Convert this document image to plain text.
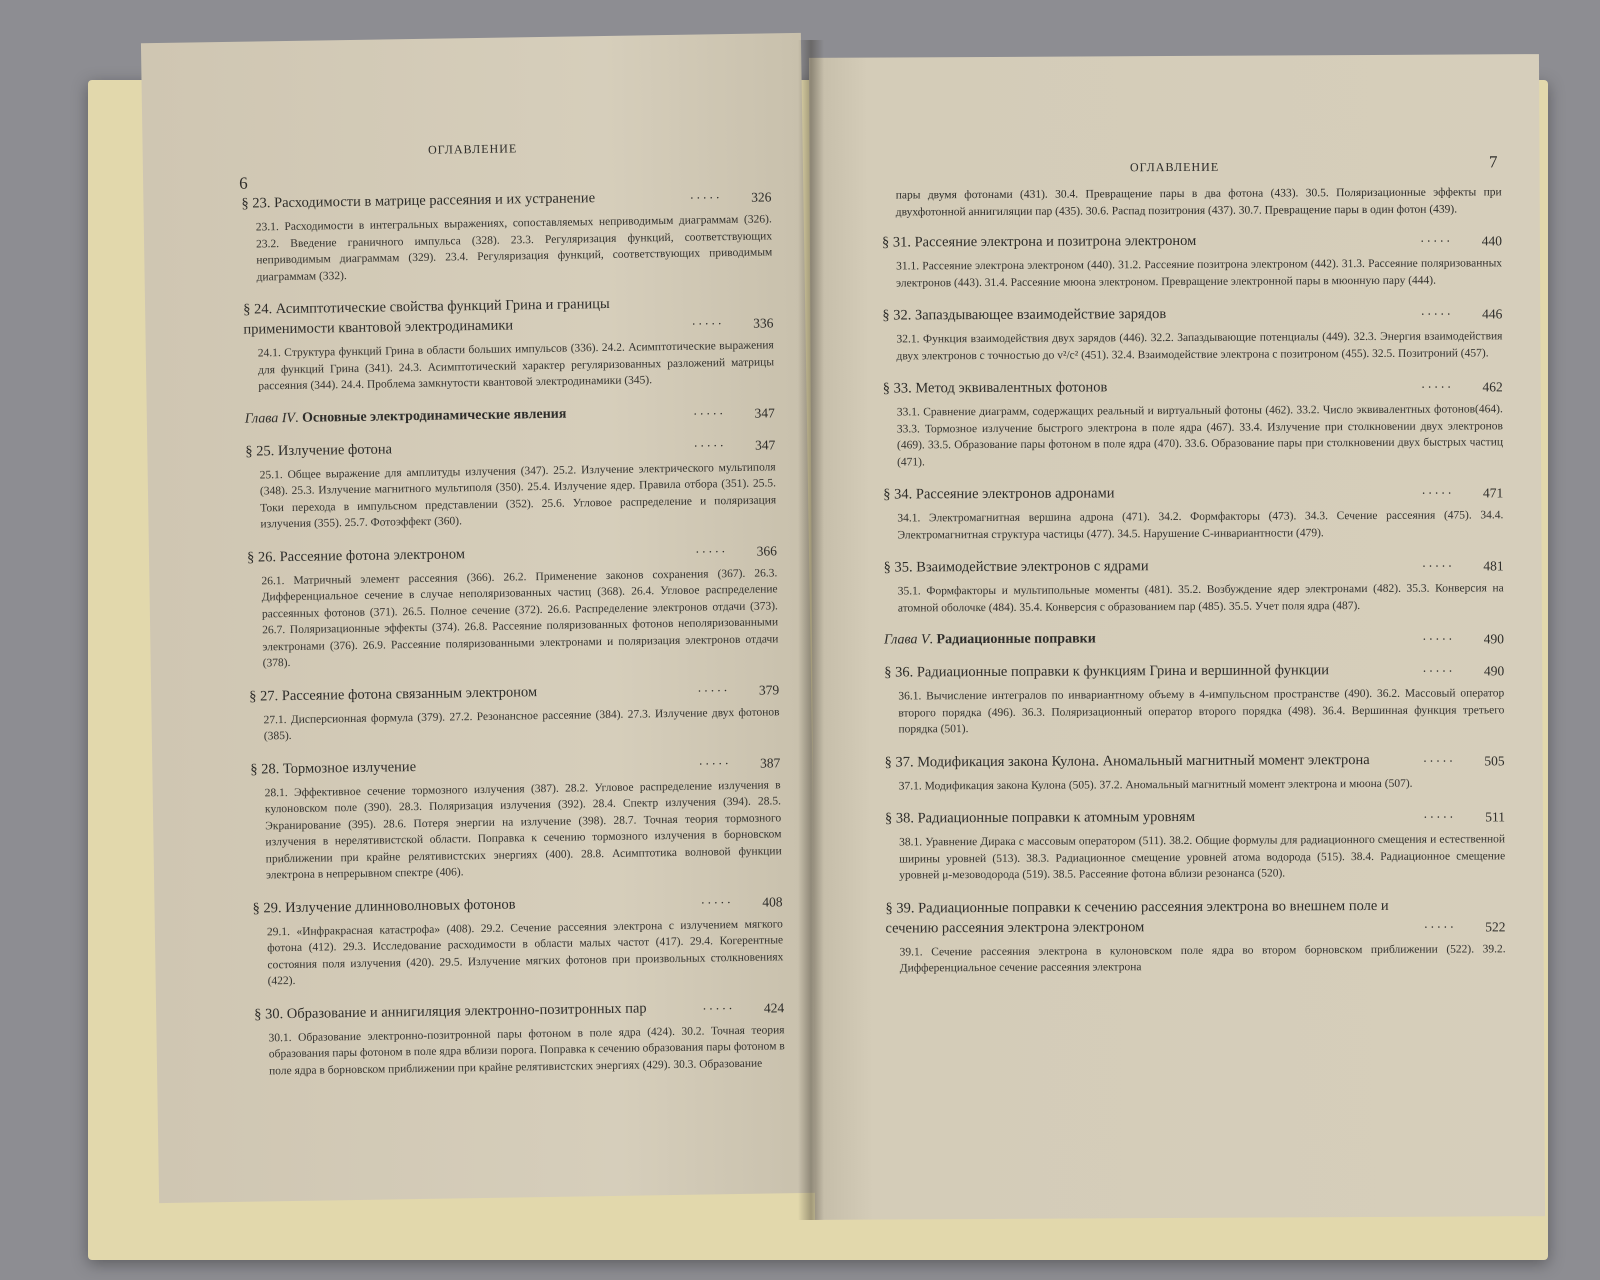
ОГЛАВЛЕНИЕ
6
§ 23. Расходимости в матрице рассеяния и их устранение	. . . . .	326
23.1. Расходимости в интегральных выражениях, сопоставляемых неприводимым диаграммам (326). 23.2. Введение граничного импульса (328). 23.3. Регуляризация функций, соответствующих неприводимым диаграммам (329). 23.4. Регуляризация функций, соответствующих приводимым диаграммам (332).
§ 24. Асимптотические свойства функций Грина и границы применимости квантовой электродинамики	. . . . .	336
24.1. Структура функций Грина в области больших импульсов (336). 24.2. Асимптотические выражения для функций Грина (341). 24.3. Асимптотический характер регуляризованных разложений матрицы рассеяния (344). 24.4. Проблема замкнутости квантовой электродинамики (345).
Глава IV. Основные электродинамические явления	. . . . .	347
§ 25. Излучение фотона	. . . . .	347
25.1. Общее выражение для амплитуды излучения (347). 25.2. Излучение электрического мультиполя (348). 25.3. Излучение магнитного мультиполя (350). 25.4. Излучение ядер. Правила отбора (351). 25.5. Токи перехода в импульсном представлении (352). 25.6. Угловое распределение и поляризация излучения (355). 25.7. Фотоэффект (360).
§ 26. Рассеяние фотона электроном	. . . . .	366
26.1. Матричный элемент рассеяния (366). 26.2. Применение законов сохранения (367). 26.3. Дифференциальное сечение в случае неполяризованных частиц (368). 26.4. Угловое распределение рассеянных фотонов (371). 26.5. Полное сечение (372). 26.6. Распределение электронов отдачи (373). 26.7. Поляризационные эффекты (374). 26.8. Рассеяние поляризованных фотонов неполяризованными электронами (376). 26.9. Рассеяние поляризованными электронами и поляризация электронов отдачи (378).
§ 27. Рассеяние фотона связанным электроном	. . . . .	379
27.1. Дисперсионная формула (379). 27.2. Резонансное рассеяние (384). 27.3. Излучение двух фотонов (385).
§ 28. Тормозное излучение	. . . . .	387
28.1. Эффективное сечение тормозного излучения (387). 28.2. Угловое распределение излучения в кулоновском поле (390). 28.3. Поляризация излучения (392). 28.4. Спектр излучения (394). 28.5. Экранирование (395). 28.6. Потеря энергии на излучение (398). 28.7. Точная теория тормозного излучения в нерелятивистской области. Поправка к сечению тормозного излучения в борновском приближении при крайне релятивистских энергиях (400). 28.8. Асимптотика волновой функции электрона в непрерывном спектре (406).
§ 29. Излучение длинноволновых фотонов	. . . . .	408
29.1. «Инфракрасная катастрофа» (408). 29.2. Сечение рассеяния электрона с излучением мягкого фотона (412). 29.3. Исследование расходимости в области малых частот (417). 29.4. Когерентные состояния поля излучения (420). 29.5. Излучение мягких фотонов при произвольных столкновениях (422).
§ 30. Образование и аннигиляция электронно-позитронных пар	. . . . .	424
30.1. Образование электронно-позитронной пары фотоном в поле ядра (424). 30.2. Точная теория образования пары фотоном в поле ядра вблизи порога. Поправка к сечению образования пары фотоном в поле ядра в борновском приближении при крайне релятивистских энергиях (429). 30.3. Образование
ОГЛАВЛЕНИЕ	7
пары двумя фотонами (431). 30.4. Превращение пары в два фотона (433). 30.5. Поляризационные эффекты при двухфотонной аннигиляции пар (435). 30.6. Распад позитрония (437). 30.7. Превращение пары в один фотон (439).
§ 31. Рассеяние электрона и позитрона электроном	. . . . .	440
31.1. Рассеяние электрона электроном (440). 31.2. Рассеяние позитрона электроном (442). 31.3. Рассеяние поляризованных электронов (443). 31.4. Рассеяние мюона электроном. Превращение электронной пары в мюонную пару (444).
§ 32. Запаздывающее взаимодействие зарядов	. . . . .	446
32.1. Функция взаимодействия двух зарядов (446). 32.2. Запаздывающие потенциалы (449). 32.3. Энергия взаимодействия двух электронов с точностью до v²/c² (451). 32.4. Взаимодействие электрона с позитроном (455). 32.5. Позитроний (457).
§ 33. Метод эквивалентных фотонов	. . . . .	462
33.1. Сравнение диаграмм, содержащих реальный и виртуальный фотоны (462). 33.2. Число эквивалентных фотонов(464). 33.3. Тормозное излучение быстрого электрона в поле ядра (467). 33.4. Излучение при столкновении двух электронов (469). 33.5. Образование пары фотоном в поле ядра (470). 33.6. Образование пары при столкновении двух быстрых частиц (471).
§ 34. Рассеяние электронов адронами	. . . . .	471
34.1. Электромагнитная вершина адрона (471). 34.2. Формфакторы (473). 34.3. Сечение рассеяния (475). 34.4. Электромагнитная структура частицы (477). 34.5. Нарушение C-инвариантности (479).
§ 35. Взаимодействие электронов с ядрами	. . . . .	481
35.1. Формфакторы и мультипольные моменты (481). 35.2. Возбуждение ядер электронами (482). 35.3. Конверсия на атомной оболочке (484). 35.4. Конверсия с образованием пар (485). 35.5. Учет поля ядра (487).
Глава V. Радиационные поправки	. . . . .	490
§ 36. Радиационные поправки к функциям Грина и вершинной функции	. . . . .	490
36.1. Вычисление интегралов по инвариантному объему в 4-импульсном пространстве (490). 36.2. Массовый оператор второго порядка (496). 36.3. Поляризационный оператор второго порядка (498). 36.4. Вершинная функция третьего порядка (501).
§ 37. Модификация закона Кулона. Аномальный магнитный момент электрона	. . . . .	505
37.1. Модификация закона Кулона (505). 37.2. Аномальный магнитный момент электрона и мюона (507).
§ 38. Радиационные поправки к атомным уровням	. . . . .	511
38.1. Уравнение Дирака с массовым оператором (511). 38.2. Общие формулы для радиационного смещения и естественной ширины уровней (513). 38.3. Радиационное смещение уровней атома водорода (515). 38.4. Радиационное смещение уровней μ-мезоводорода (519). 38.5. Рассеяние фотона вблизи резонанса (520).
§ 39. Радиационные поправки к сечению рассеяния электрона во внешнем поле и сечению рассеяния электрона электроном	. . . . .	522
39.1. Сечение рассеяния электрона в кулоновском поле ядра во втором борновском приближении (522). 39.2. Дифференциальное сечение рассеяния электрона
